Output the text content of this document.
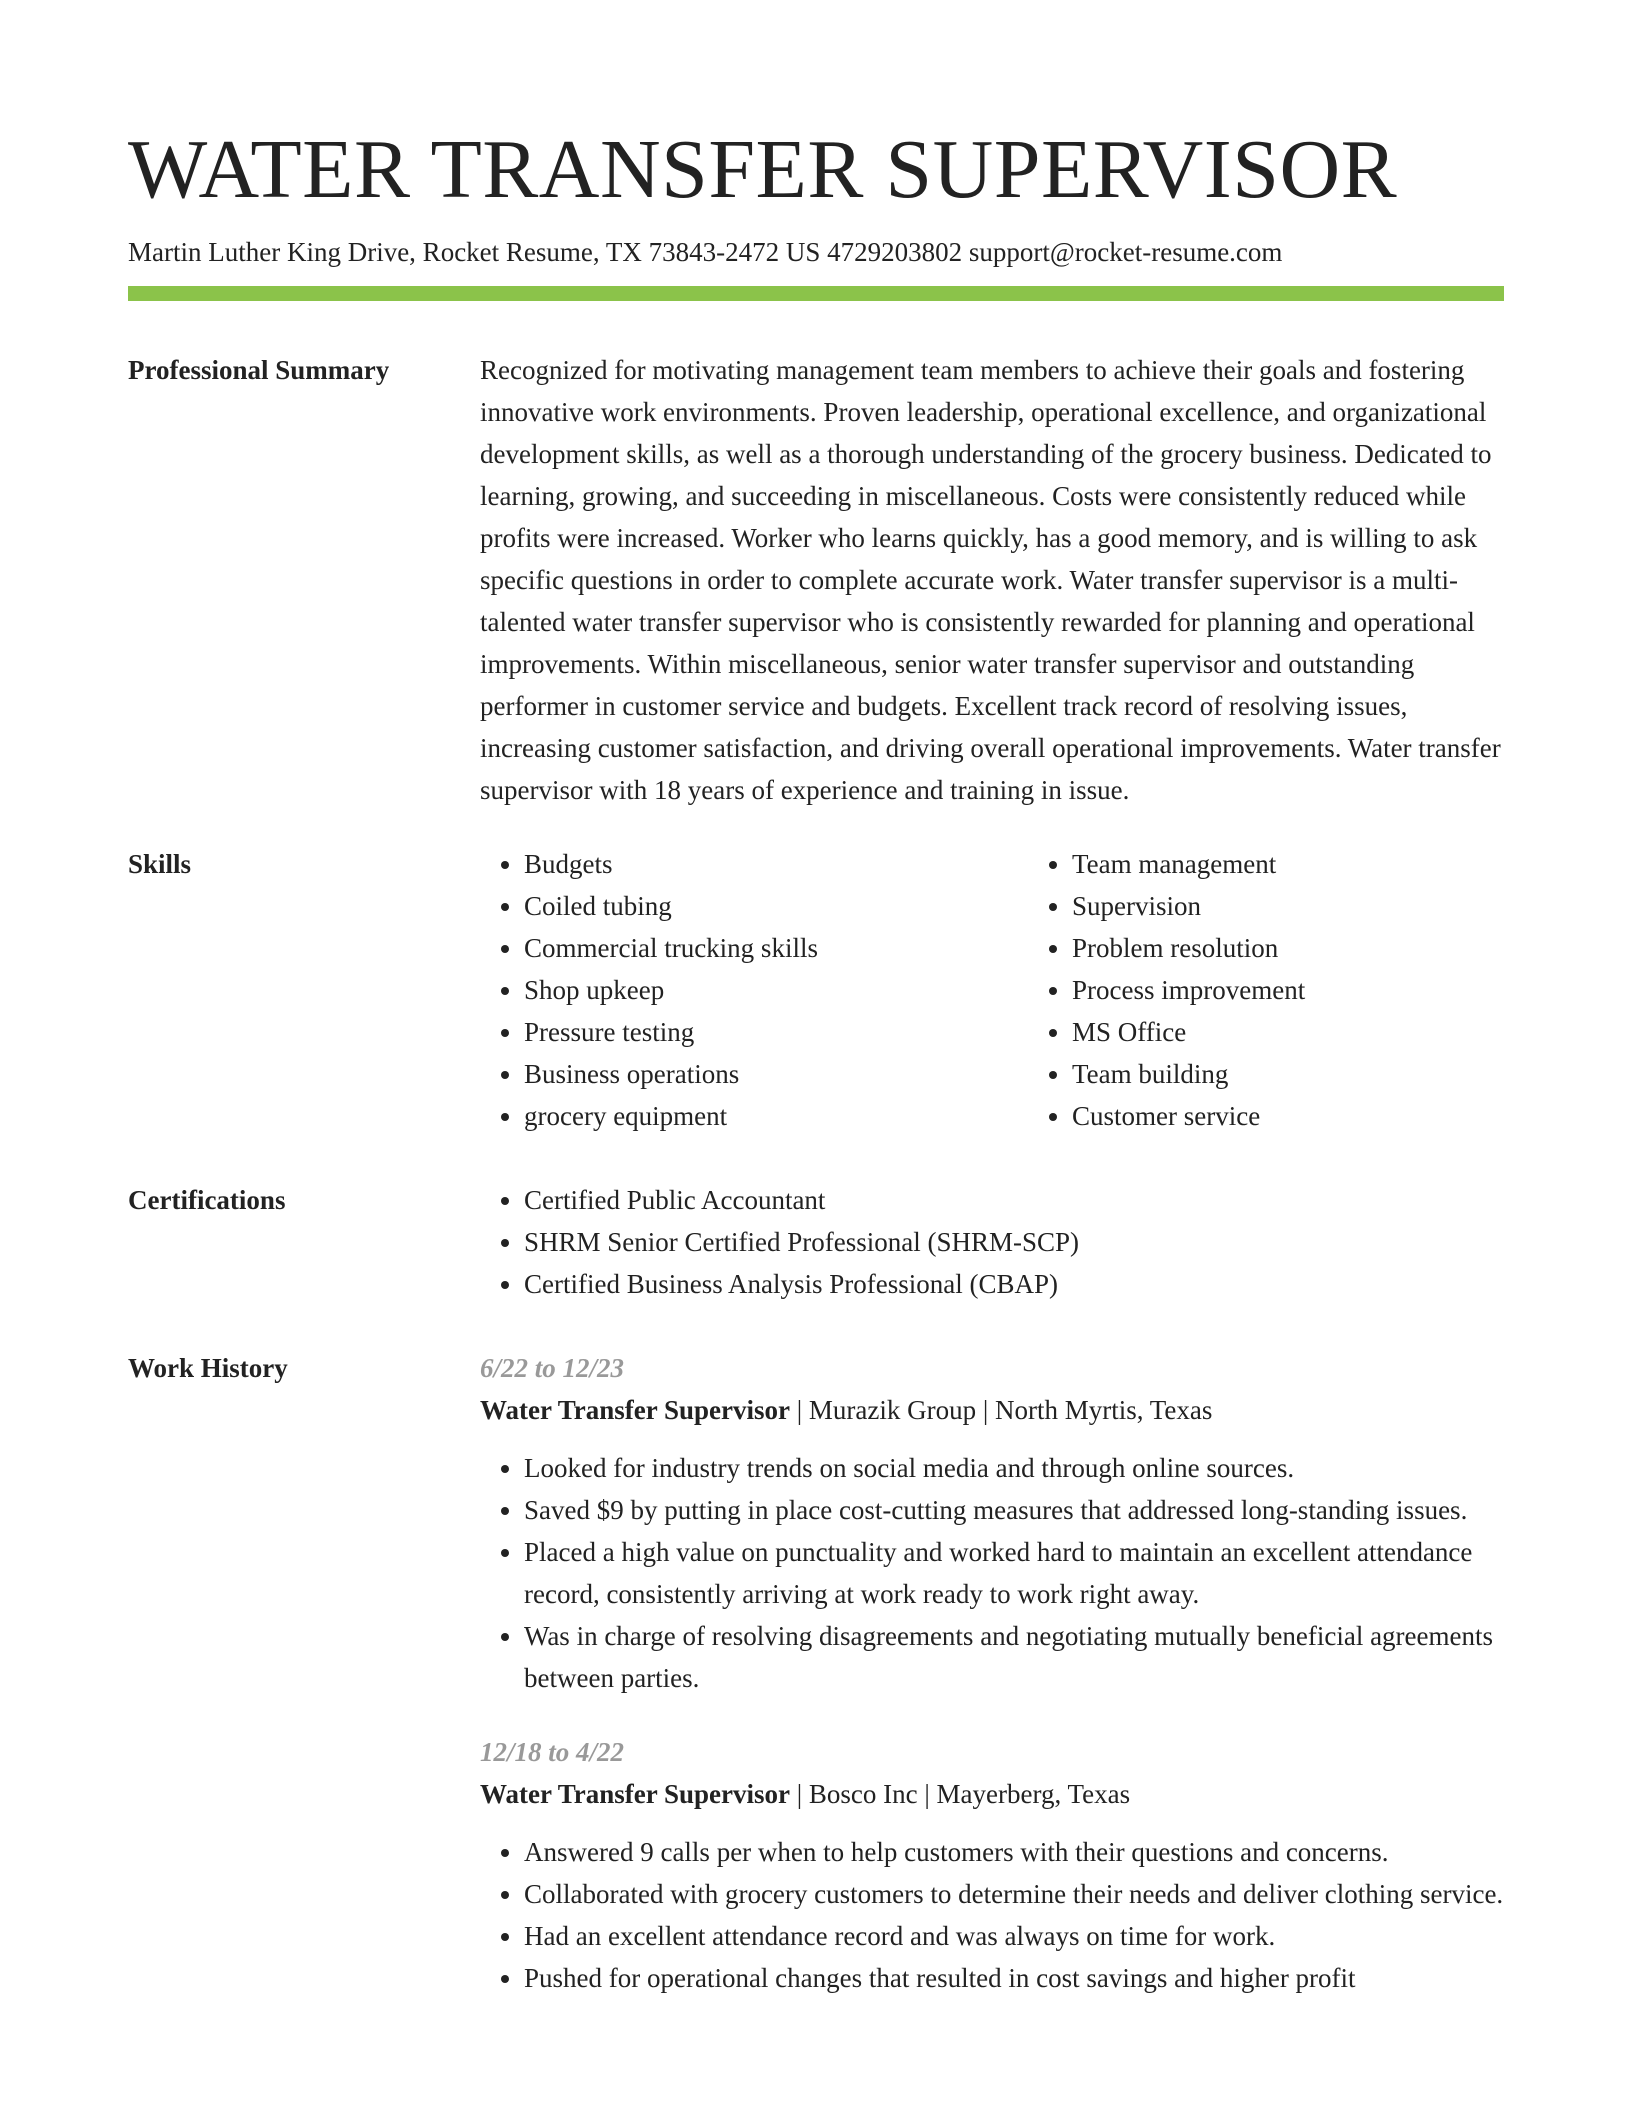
WATER TRANSFER SUPERVISOR
Martin Luther King Drive, Rocket Resume, TX 73843-2472 US 4729203802 support@rocket-resume.com
Professional Summary	Recognized for motivating management team members to achieve their goals and fostering innovative work environments. Proven leadership, operational excellence, and organizational development skills, as well as a thorough understanding of the grocery business. Dedicated to learning, growing, and succeeding in miscellaneous. Costs were consistently reduced while profits were increased. Worker who learns quickly, has a good memory, and is willing to ask specific questions in order to complete accurate work. Water transfer supervisor is a multi-talented water transfer supervisor who is consistently rewarded for planning and operational improvements. Within miscellaneous, senior water transfer supervisor and outstanding performer in customer service and budgets. Excellent track record of resolving issues, increasing customer satisfaction, and driving overall operational improvements. Water transfer supervisor with 18 years of experience and training in issue.
Skills	• Budgets
• Coiled tubing
• Commercial trucking skills
• Shop upkeep
• Pressure testing
• Business operations
• grocery equipment
• Team management
• Supervision
• Problem resolution
• Process improvement
• MS Office
• Team building
• Customer service
Certifications	• Certified Public Accountant
• SHRM Senior Certified Professional (SHRM-SCP)
• Certified Business Analysis Professional (CBAP)
Work History	6/22 to 12/23
Water Transfer Supervisor | Murazik Group | North Myrtis, Texas
• Looked for industry trends on social media and through online sources.
• Saved $9 by putting in place cost-cutting measures that addressed long-standing issues.
• Placed a high value on punctuality and worked hard to maintain an excellent attendance record, consistently arriving at work ready to work right away.
• Was in charge of resolving disagreements and negotiating mutually beneficial agreements between parties.
12/18 to 4/22
Water Transfer Supervisor | Bosco Inc | Mayerberg, Texas
• Answered 9 calls per when to help customers with their questions and concerns.
• Collaborated with grocery customers to determine their needs and deliver clothing service.
• Had an excellent attendance record and was always on time for work.
• Pushed for operational changes that resulted in cost savings and higher profit
